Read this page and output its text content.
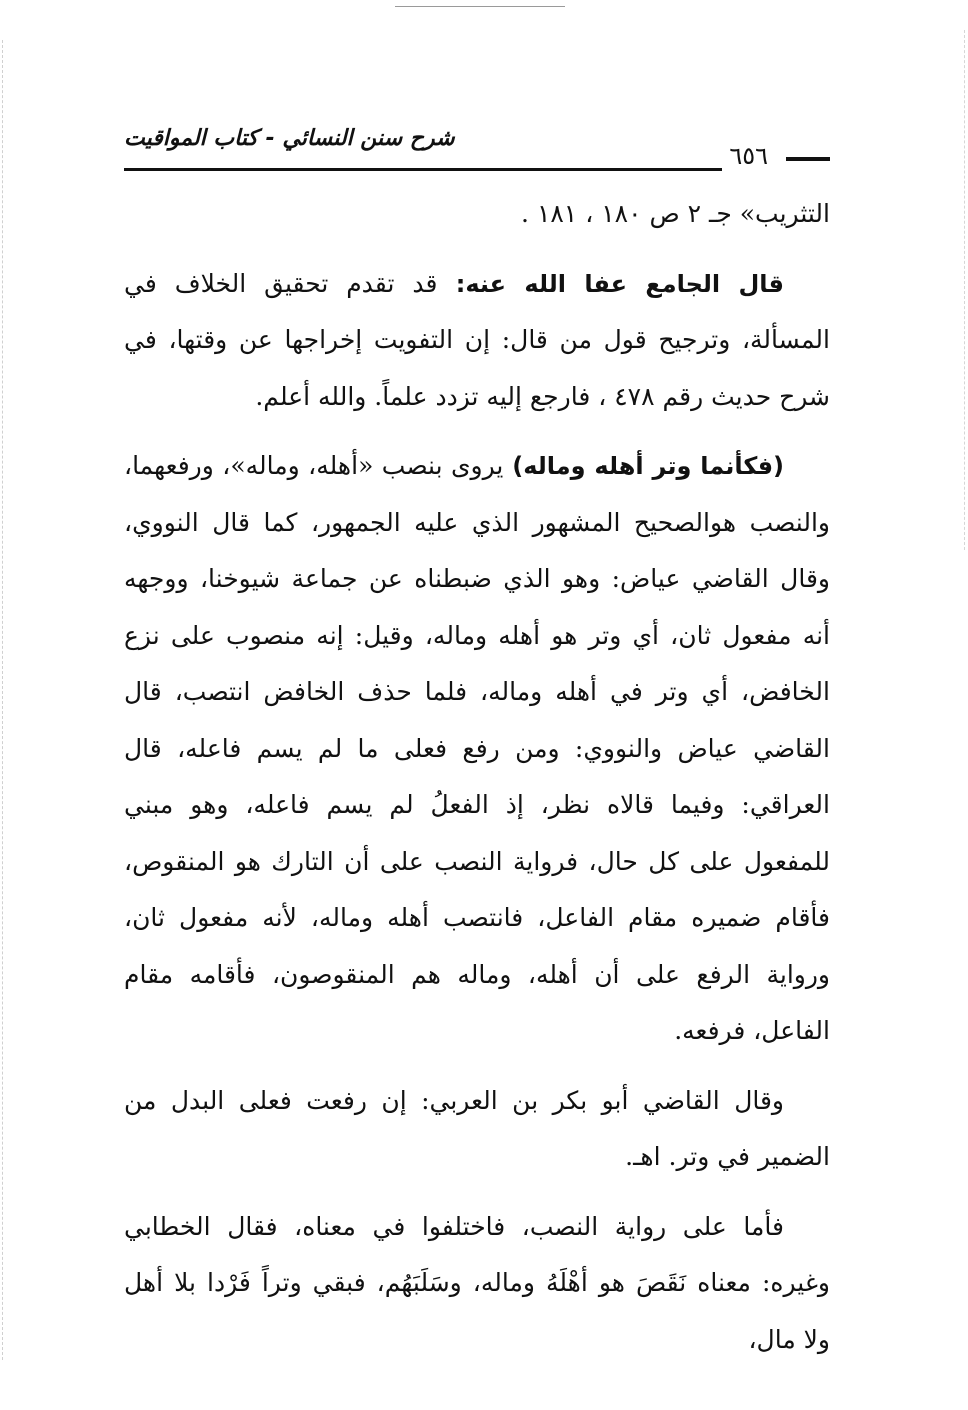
شرح سنن النسائي - كتاب المواقيت
٦٥٦

التثريب» جـ ٢ ص ١٨٠ ، ١٨١ .

قال الجامع عفا الله عنه: قد تقدم تحقيق الخلاف في المسألة، وترجيح قول من قال: إن التفويت إخراجها عن وقتها، في شرح حديث رقم ٤٧٨ ، فارجع إليه تزدد علماً. والله أعلم.

(فكأنما وتر أهله وماله) يروى بنصب «أهله، وماله»، ورفعهما، والنصب هوالصحيح المشهور الذي عليه الجمهور، كما قال النووي، وقال القاضي عياض: وهو الذي ضبطناه عن جماعة شيوخنا، ووجهه أنه مفعول ثان، أي وتر هو أهله وماله، وقيل: إنه منصوب على نزع الخافض، أي وتر في أهله وماله، فلما حذف الخافض انتصب، قال القاضي عياض والنووي: ومن رفع فعلى ما لم يسم فاعله، قال العراقي: وفيما قالاه نظر، إذ الفعلُ لم يسم فاعله، وهو مبني للمفعول على كل حال، فرواية النصب على أن التارك هو المنقوص، فأقام ضميره مقام الفاعل، فانتصب أهله وماله، لأنه مفعول ثان، ورواية الرفع على أن أهله، وماله هم المنقوصون، فأقامه مقام الفاعل، فرفعه.

وقال القاضي أبو بكر بن العربي: إن رفعت فعلى البدل من الضمير في وتر. اهـ.

فأما على رواية النصب، فاختلفوا في معناه، فقال الخطابي وغيره: معناه نَقَصَ هو أهْلَهُ وماله، وسَلَبَهُم، فبقي وتراً فَرْدا بلا أهل ولا مال،
